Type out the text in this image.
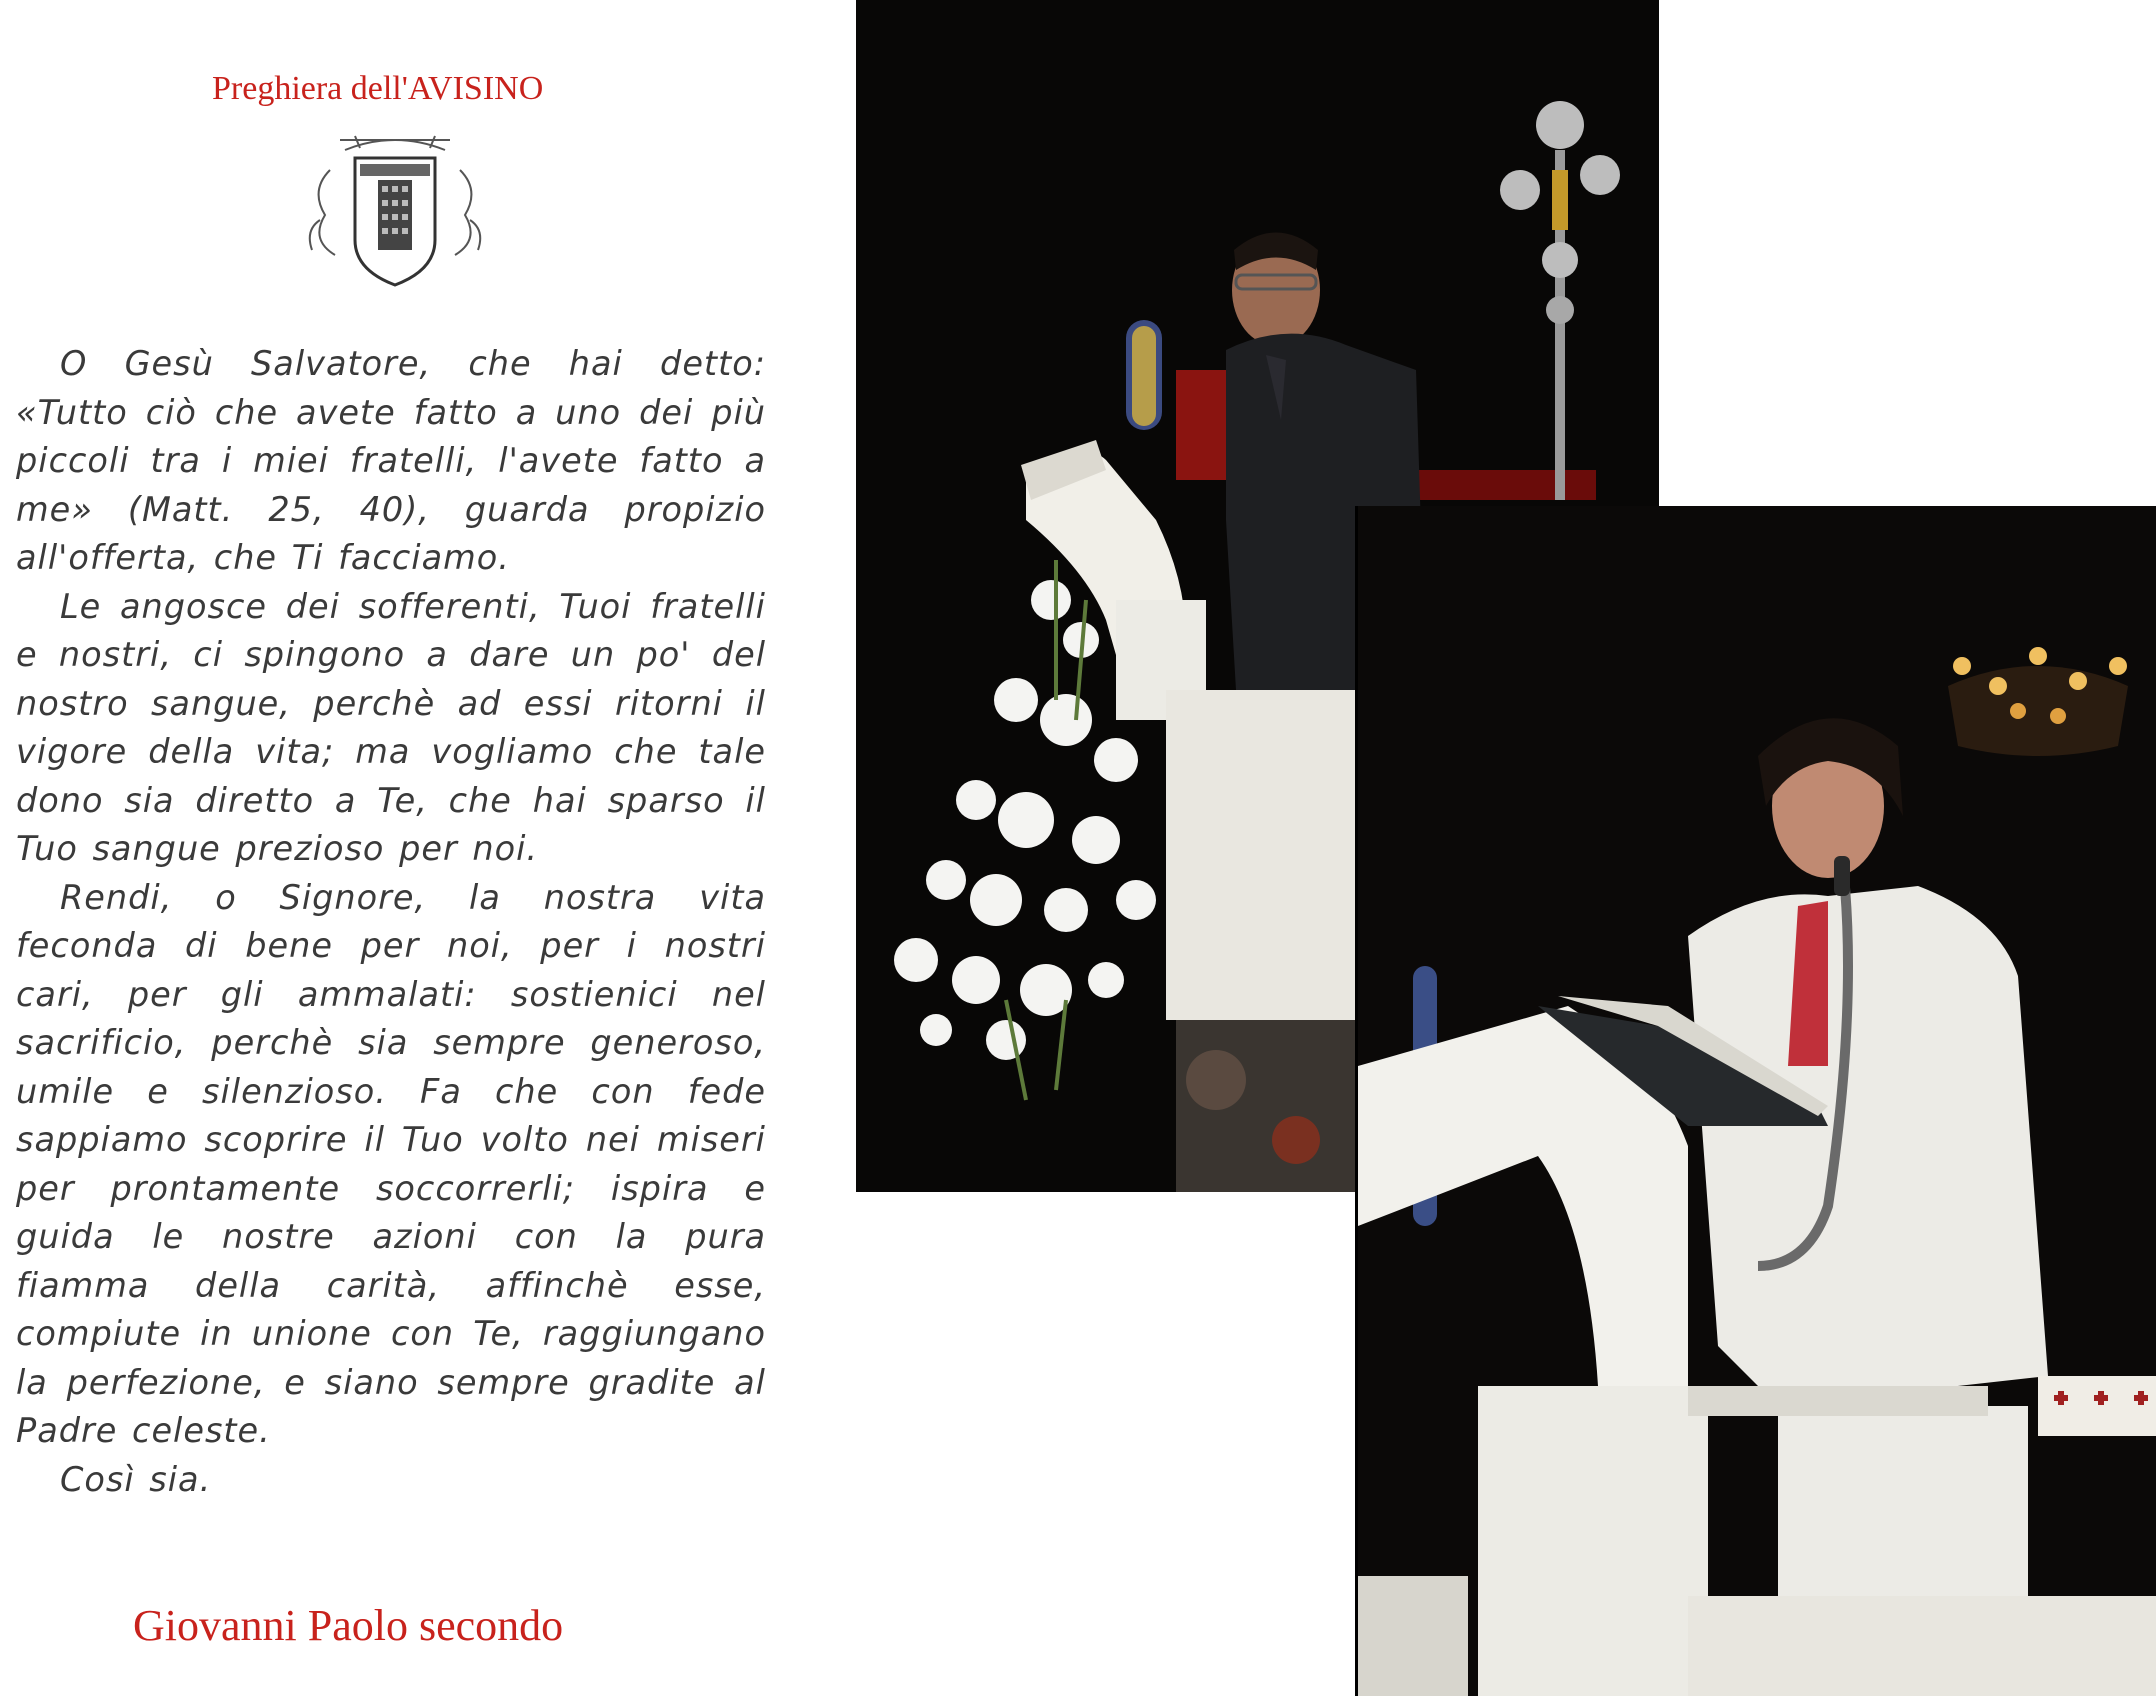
Preghiera dell'AVISINO

O Gesù Salvatore, che hai detto: «Tutto ciò che avete fatto a uno dei più piccoli tra i miei fratelli, l'avete fatto a me» (Matt. 25, 40), guarda propizio all'offerta, che Ti facciamo.

Le angosce dei sofferenti, Tuoi fratelli e nostri, ci spingono a dare un po' del nostro sangue, perchè ad essi ritorni il vigore della vita; ma vogliamo che tale dono sia diretto a Te, che hai sparso il Tuo sangue prezioso per noi.

Rendi, o Signore, la nostra vita feconda di bene per noi, per i nostri cari, per gli ammalati: sostienici nel sacrificio, perchè sia sempre generoso, umile e silenzioso. Fa che con fede sappiamo scoprire il Tuo volto nei miseri per prontamente soccorrerli; ispira e guida le nostre azioni con la pura fiamma della carità, affinchè esse, compiute in unione con Te, raggiungano la perfezione, e siano sempre gradite al Padre celeste.

Così sia.

Giovanni Paolo secondo
